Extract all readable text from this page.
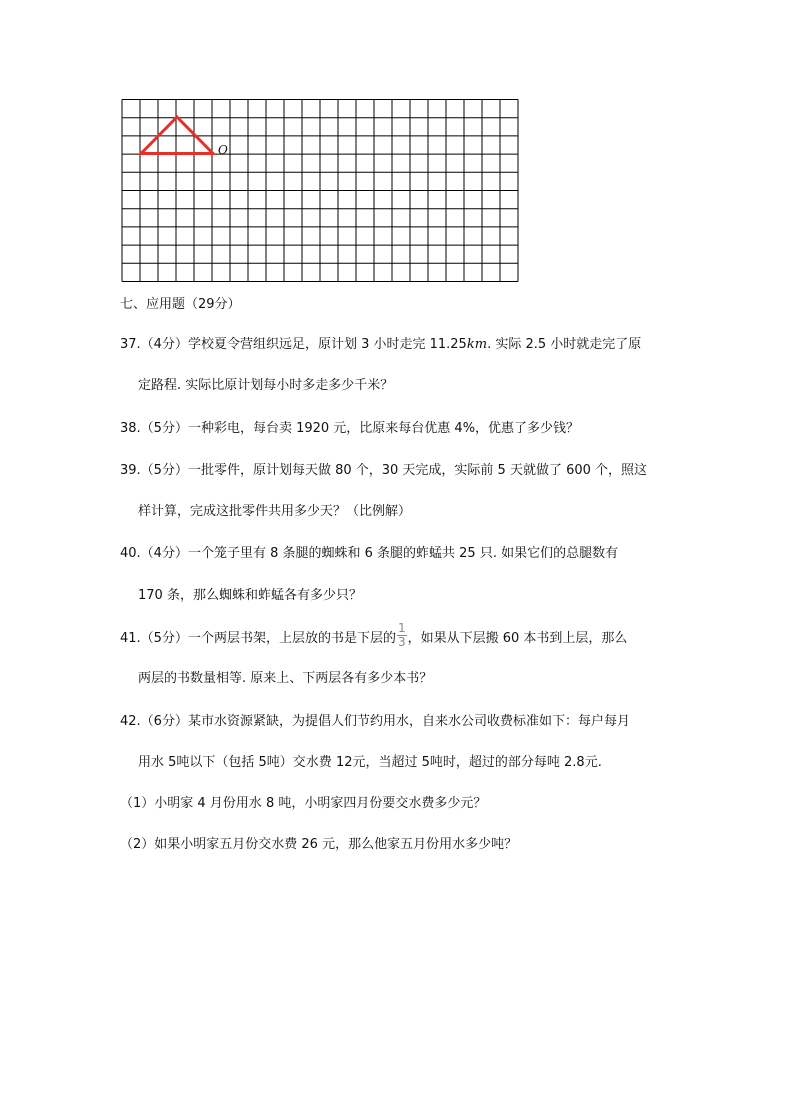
O
七、应用题（29分）
37.（4分）学校夏令营组织远足，原计划 3 小时走完 11.25km. 实际 2.5 小时就走完了原
定路程. 实际比原计划每小时多走多少千米？
38.（5分）一种彩电，每台卖 1920 元，比原来每台优惠 4%，优惠了多少钱？
39.（5分）一批零件，原计划每天做 80 个，30 天完成，实际前 5 天就做了 600 个，照这
样计算，完成这批零件共用多少天？（比例解）
40.（4分）一个笼子里有 8 条腿的蜘蛛和 6 条腿的蚱蜢共 25 只. 如果它们的总腿数有
170 条，那么蜘蛛和蚱蜢各有多少只？
41.（5分）一个两层书架，上层放的书是下层的 $\frac{1}{3}$ ，如果从下层搬 60 本书到上层，那么
两层的书数量相等. 原来上、下两层各有多少本书？
42.（6分）某市水资源紧缺，为提倡人们节约用水，自来水公司收费标准如下：每户每月
用水 5吨以下（包括 5吨）交水费 12元，当超过 5吨时，超过的部分每吨 2.8元.
（1）小明家 4 月份用水 8 吨，小明家四月份要交水费多少元？
（2）如果小明家五月份交水费 26 元，那么他家五月份用水多少吨？
